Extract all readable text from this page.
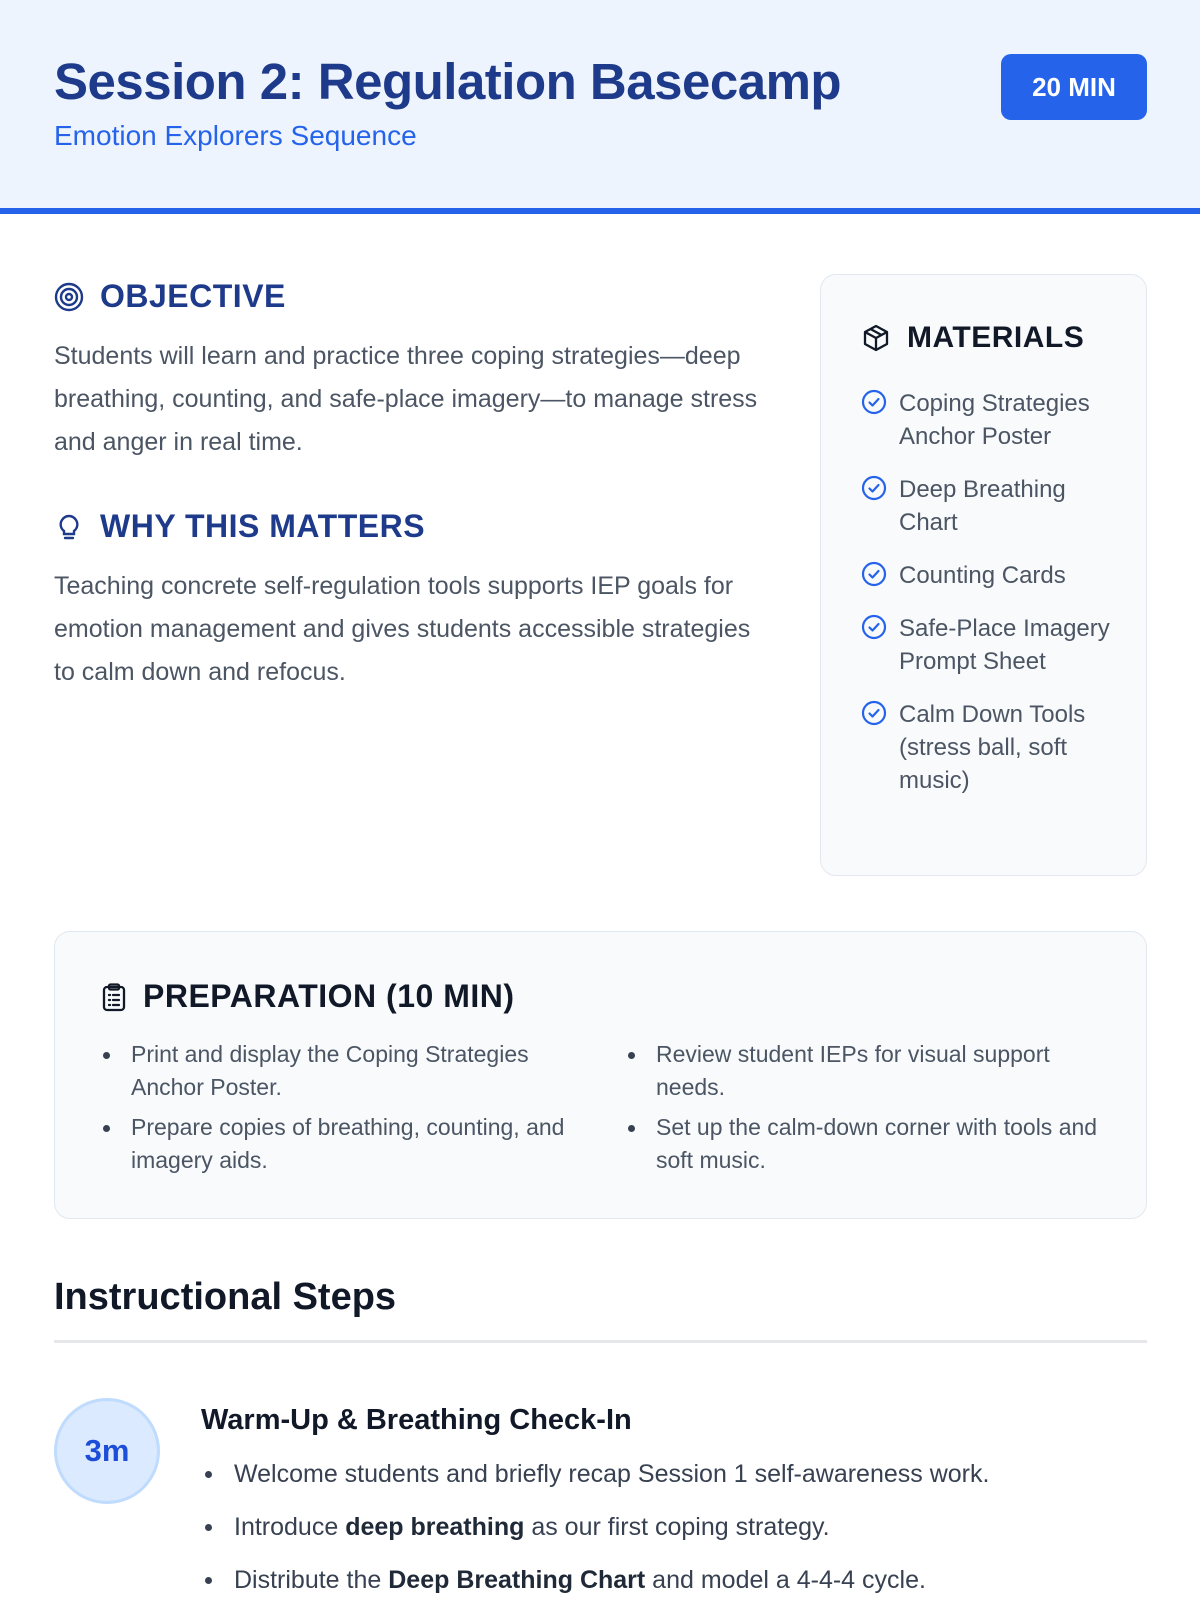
Session 2: Regulation Basecamp
Emotion Explorers Sequence
20 MIN
OBJECTIVE
Students will learn and practice three coping strategies—deep breathing, counting, and safe-place imagery—to manage stress and anger in real time.
WHY THIS MATTERS
Teaching concrete self-regulation tools supports IEP goals for emotion management and gives students accessible strategies to calm down and refocus.
MATERIALS
Coping Strategies Anchor Poster
Deep Breathing Chart
Counting Cards
Safe-Place Imagery Prompt Sheet
Calm Down Tools (stress ball, soft music)
PREPARATION (10 MIN)
Print and display the Coping Strategies Anchor Poster.
Prepare copies of breathing, counting, and imagery aids.
Review student IEPs for visual support needs.
Set up the calm-down corner with tools and soft music.
Instructional Steps
3m
Warm-Up & Breathing Check-In
Welcome students and briefly recap Session 1 self-awareness work.
Introduce deep breathing as our first coping strategy.
Distribute the Deep Breathing Chart and model a 4-4-4 cycle.
